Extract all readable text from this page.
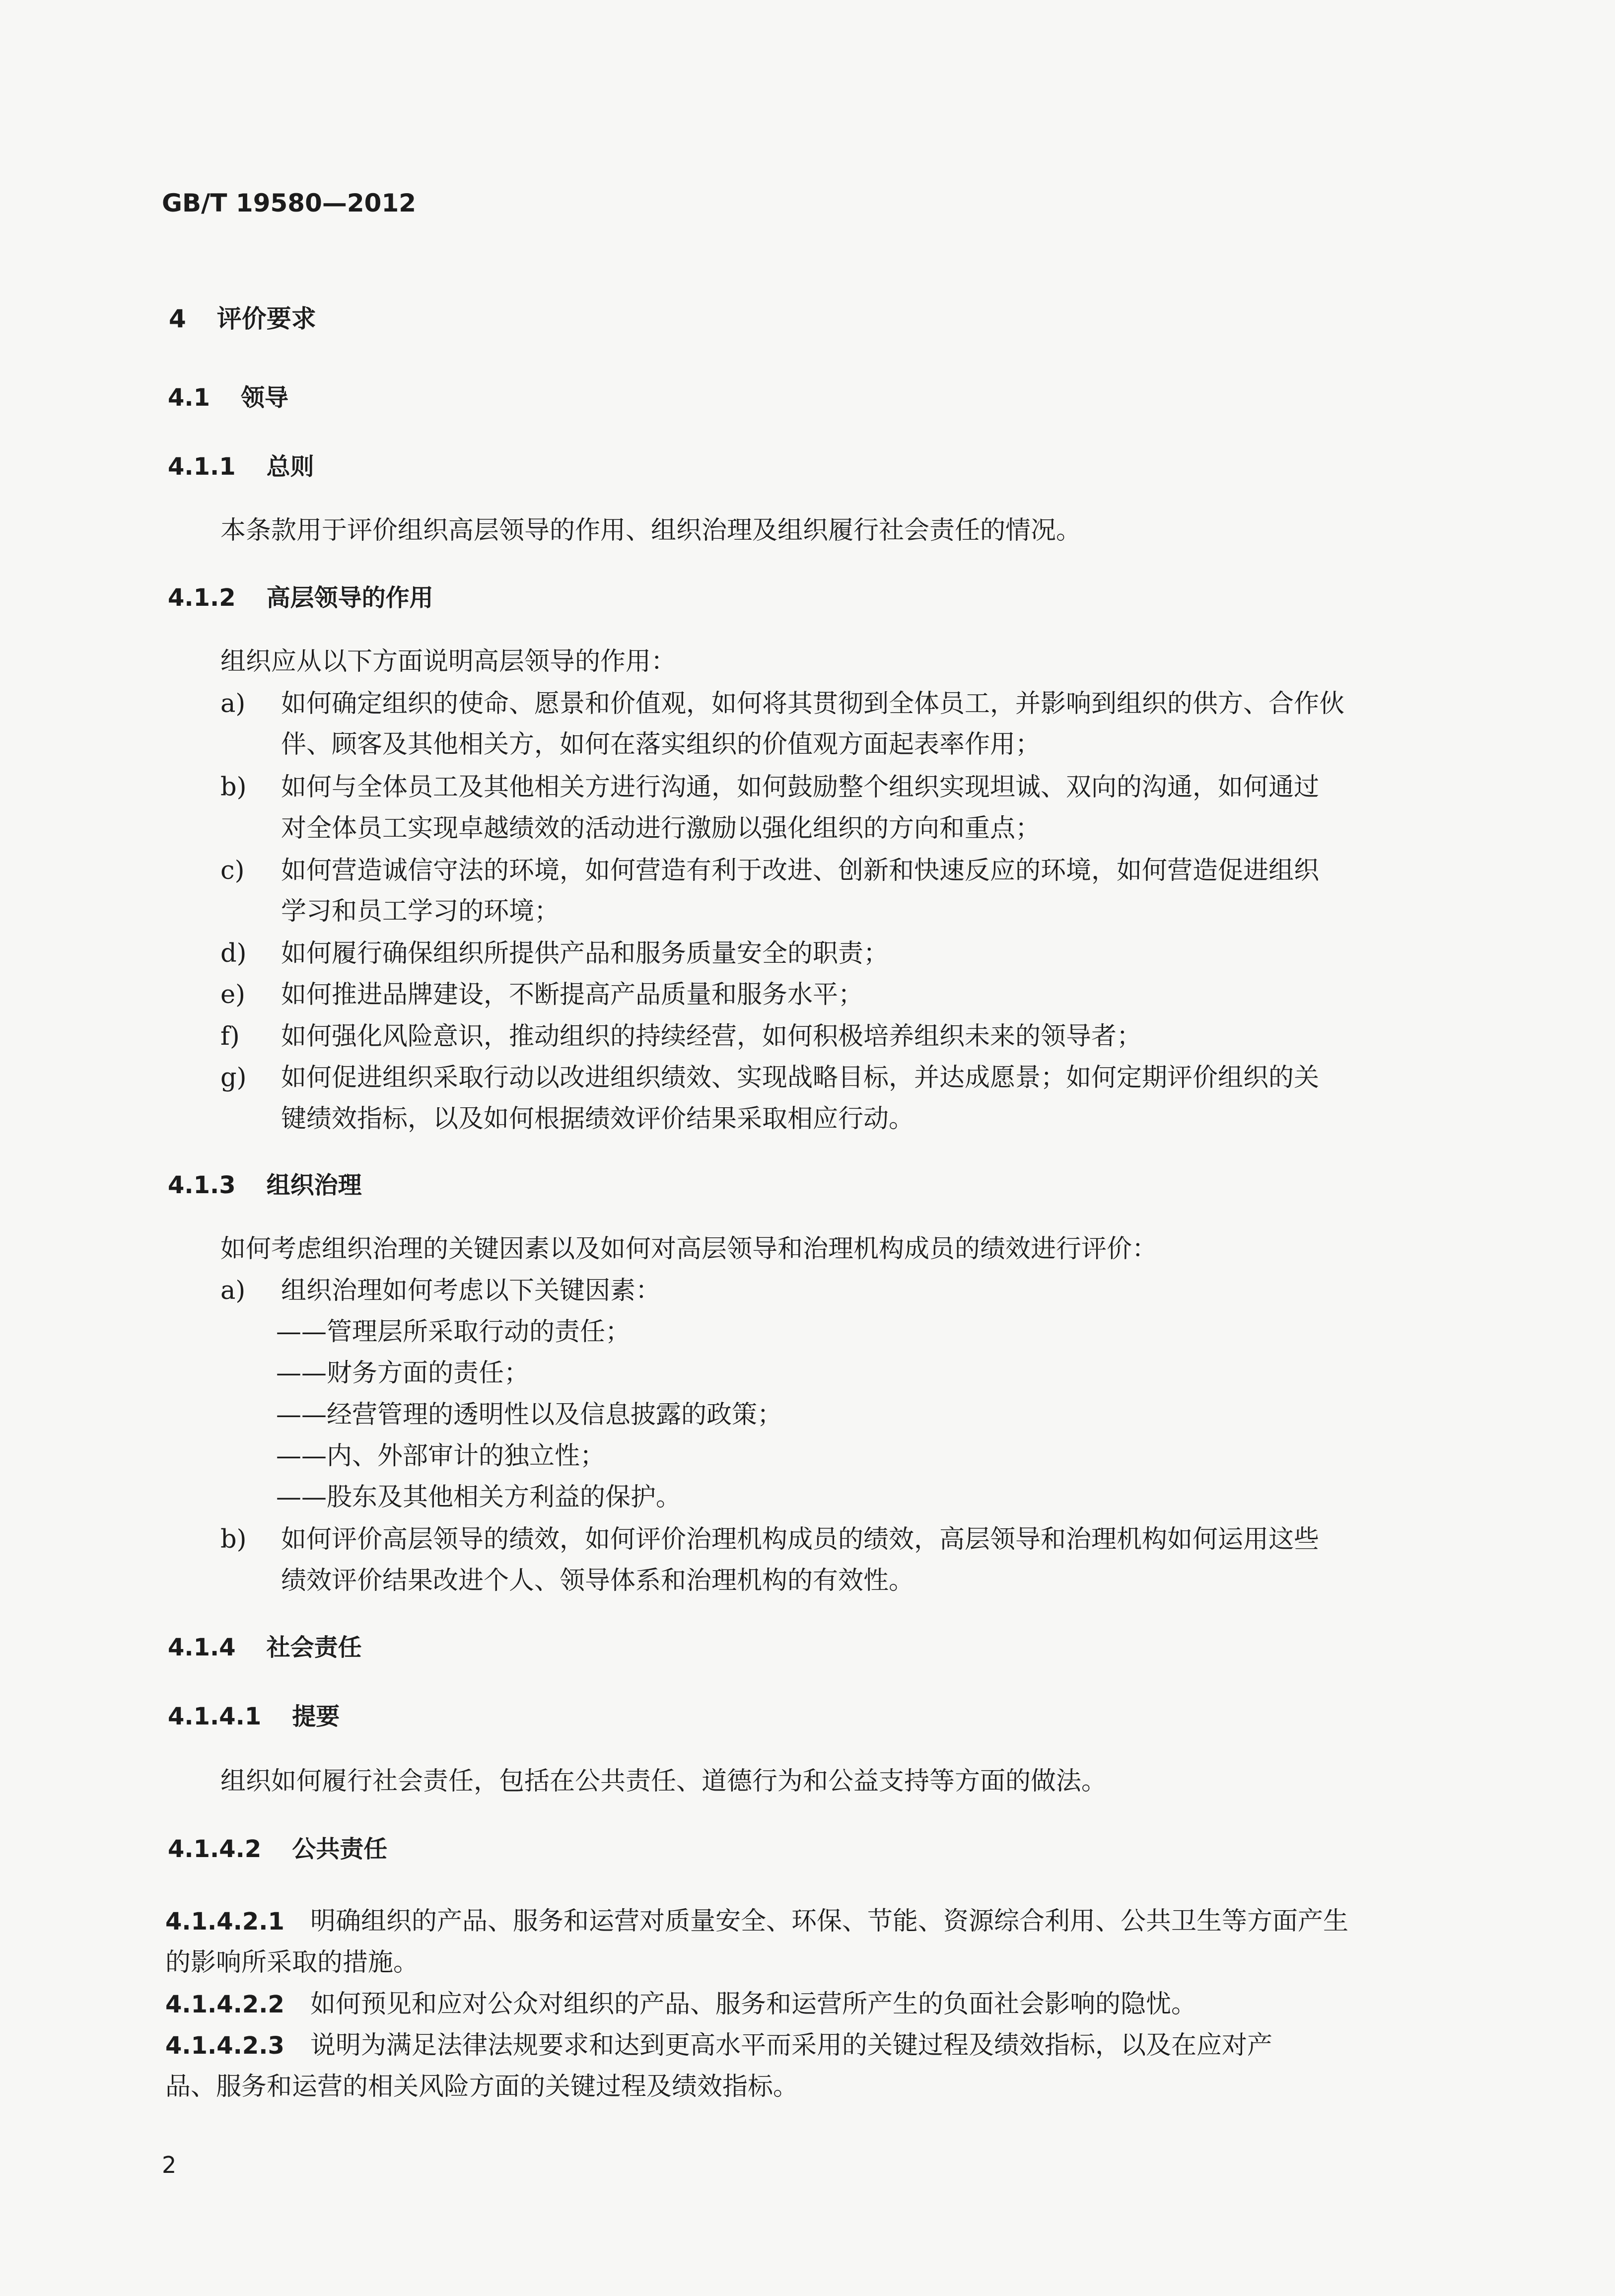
GB/T 19580—2012
4 评价要求
4.1 领导
4.1.1 总则
本条款用于评价组织高层领导的作用、组织治理及组织履行社会责任的情况。
4.1.2 高层领导的作用
组织应从以下方面说明高层领导的作用：
a) 如何确定组织的使命、愿景和价值观，如何将其贯彻到全体员工，并影响到组织的供方、合作伙
伴、顾客及其他相关方，如何在落实组织的价值观方面起表率作用；
b) 如何与全体员工及其他相关方进行沟通，如何鼓励整个组织实现坦诚、双向的沟通，如何通过
对全体员工实现卓越绩效的活动进行激励以强化组织的方向和重点；
c) 如何营造诚信守法的环境，如何营造有利于改进、创新和快速反应的环境，如何营造促进组织
学习和员工学习的环境；
d) 如何履行确保组织所提供产品和服务质量安全的职责；
e) 如何推进品牌建设，不断提高产品质量和服务水平；
f) 如何强化风险意识，推动组织的持续经营，如何积极培养组织未来的领导者；
g) 如何促进组织采取行动以改进组织绩效、实现战略目标，并达成愿景；如何定期评价组织的关
键绩效指标，以及如何根据绩效评价结果采取相应行动。
4.1.3 组织治理
如何考虑组织治理的关键因素以及如何对高层领导和治理机构成员的绩效进行评价：
a) 组织治理如何考虑以下关键因素：
——管理层所采取行动的责任；
——财务方面的责任；
——经营管理的透明性以及信息披露的政策；
——内、外部审计的独立性；
——股东及其他相关方利益的保护。
b) 如何评价高层领导的绩效，如何评价治理机构成员的绩效，高层领导和治理机构如何运用这些
绩效评价结果改进个人、领导体系和治理机构的有效性。
4.1.4 社会责任
4.1.4.1 提要
组织如何履行社会责任，包括在公共责任、道德行为和公益支持等方面的做法。
4.1.4.2 公共责任
4.1.4.2.1 明确组织的产品、服务和运营对质量安全、环保、节能、资源综合利用、公共卫生等方面产生
的影响所采取的措施。
4.1.4.2.2 如何预见和应对公众对组织的产品、服务和运营所产生的负面社会影响的隐忧。
4.1.4.2.3 说明为满足法律法规要求和达到更高水平而采用的关键过程及绩效指标，以及在应对产
品、服务和运营的相关风险方面的关键过程及绩效指标。
2
